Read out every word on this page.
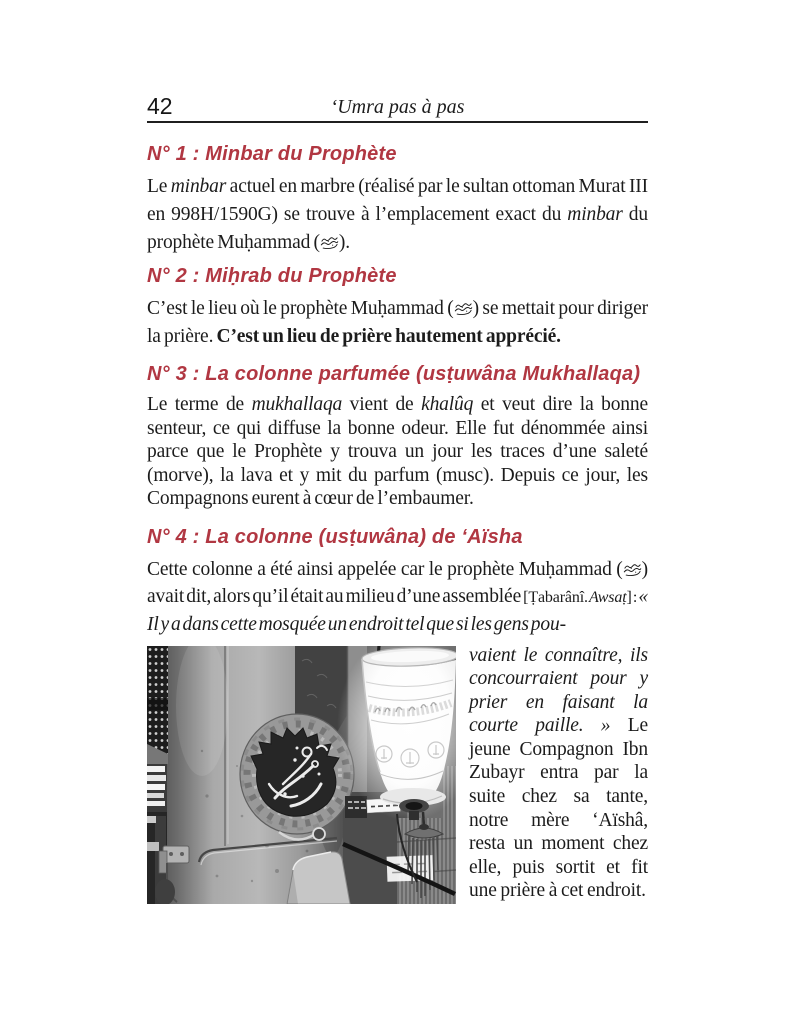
42	‘Umra pas à pas
N° 1 : Minbar du Prophète

Le minbar actuel en marbre (réalisé par le sultan ottoman Murat III en 998H/1590G) se trouve à l’emplacement exact du minbar du prophète Muḥammad ( ).

N° 2 : Miḥrab du Prophète

C’est le lieu où le prophète Muḥammad ( ) se mettait pour diriger la prière. C’est un lieu de prière hautement apprécié.

N° 3 : La colonne parfumée (usṭuwâna Mukhallaqa)

Le terme de mukhallaqa vient de khalûq et veut dire la bonne senteur, ce qui diffuse la bonne odeur. Elle fut dénommée ainsi parce que le Prophète y trouva un jour les traces d’une saleté (morve), la lava et y mit du parfum (musc). Depuis ce jour, les Compagnons eurent à cœur de l’embaumer.

N° 4 : La colonne (usṭuwâna) de ‘Aïsha

Cette colonne a été ainsi appelée car le prophète Muḥammad ( ) avait dit, alors qu’il était au milieu d’une assemblée [Ṭabarânî. Awsaṭ] : « Il y a dans cette mosquée un endroit tel que si les gens pou-

vaient le connaître, ils concourraient pour y prier en faisant la courte paille. » Le jeune Compagnon Ibn Zubayr entra par la suite chez sa tante, notre mère ‘Aïshâ, resta un moment chez elle, puis sortit et fit une prière à cet endroit.
